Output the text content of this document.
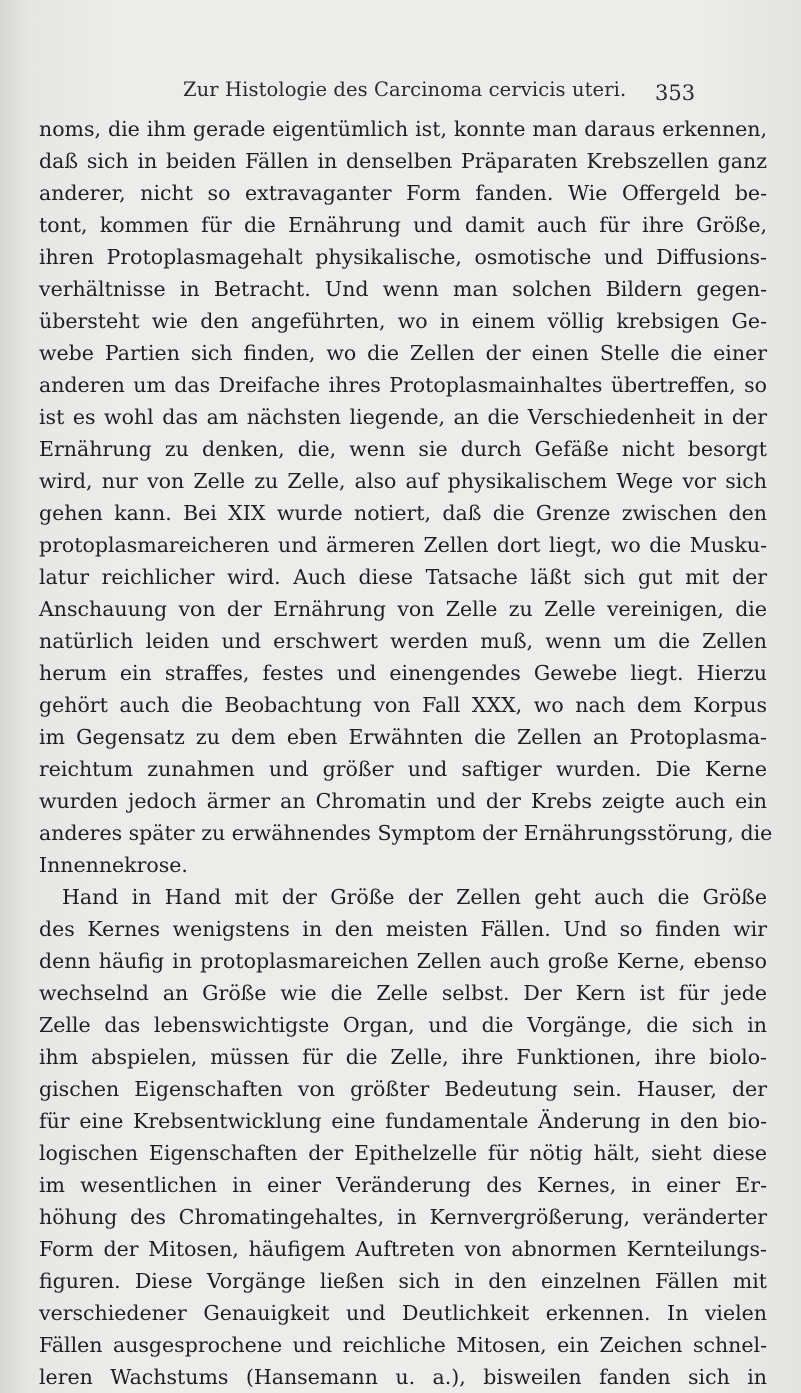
Zur Histologie des Carcinoma cervicis uteri. 353
noms, die ihm gerade eigentümlich ist, konnte man daraus erkennen,
daß sich in beiden Fällen in denselben Präparaten Krebszellen ganz
anderer, nicht so extravaganter Form fanden. Wie Offergeld be-
tont, kommen für die Ernährung und damit auch für ihre Größe,
ihren Protoplasmagehalt physikalische, osmotische und Diffusions-
verhältnisse in Betracht. Und wenn man solchen Bildern gegen-
übersteht wie den angeführten, wo in einem völlig krebsigen Ge-
webe Partien sich finden, wo die Zellen der einen Stelle die einer
anderen um das Dreifache ihres Protoplasmainhaltes übertreffen, so
ist es wohl das am nächsten liegende, an die Verschiedenheit in der
Ernährung zu denken, die, wenn sie durch Gefäße nicht besorgt
wird, nur von Zelle zu Zelle, also auf physikalischem Wege vor sich
gehen kann. Bei XIX wurde notiert, daß die Grenze zwischen den
protoplasmareicheren und ärmeren Zellen dort liegt, wo die Musku-
latur reichlicher wird. Auch diese Tatsache läßt sich gut mit der
Anschauung von der Ernährung von Zelle zu Zelle vereinigen, die
natürlich leiden und erschwert werden muß, wenn um die Zellen
herum ein straffes, festes und einengendes Gewebe liegt. Hierzu
gehört auch die Beobachtung von Fall XXX, wo nach dem Korpus
im Gegensatz zu dem eben Erwähnten die Zellen an Protoplasma-
reichtum zunahmen und größer und saftiger wurden. Die Kerne
wurden jedoch ärmer an Chromatin und der Krebs zeigte auch ein
anderes später zu erwähnendes Symptom der Ernährungsstörung, die
Innennekrose.
Hand in Hand mit der Größe der Zellen geht auch die Größe
des Kernes wenigstens in den meisten Fällen. Und so finden wir
denn häufig in protoplasmareichen Zellen auch große Kerne, ebenso
wechselnd an Größe wie die Zelle selbst. Der Kern ist für jede
Zelle das lebenswichtigste Organ, und die Vorgänge, die sich in
ihm abspielen, müssen für die Zelle, ihre Funktionen, ihre biolo-
gischen Eigenschaften von größter Bedeutung sein. Hauser, der
für eine Krebsentwicklung eine fundamentale Änderung in den bio-
logischen Eigenschaften der Epithelzelle für nötig hält, sieht diese
im wesentlichen in einer Veränderung des Kernes, in einer Er-
höhung des Chromatingehaltes, in Kernvergrößerung, veränderter
Form der Mitosen, häufigem Auftreten von abnormen Kernteilungs-
figuren. Diese Vorgänge ließen sich in den einzelnen Fällen mit
verschiedener Genauigkeit und Deutlichkeit erkennen. In vielen
Fällen ausgesprochene und reichliche Mitosen, ein Zeichen schnel-
leren Wachstums (Hansemann u. a.), bisweilen fanden sich in
